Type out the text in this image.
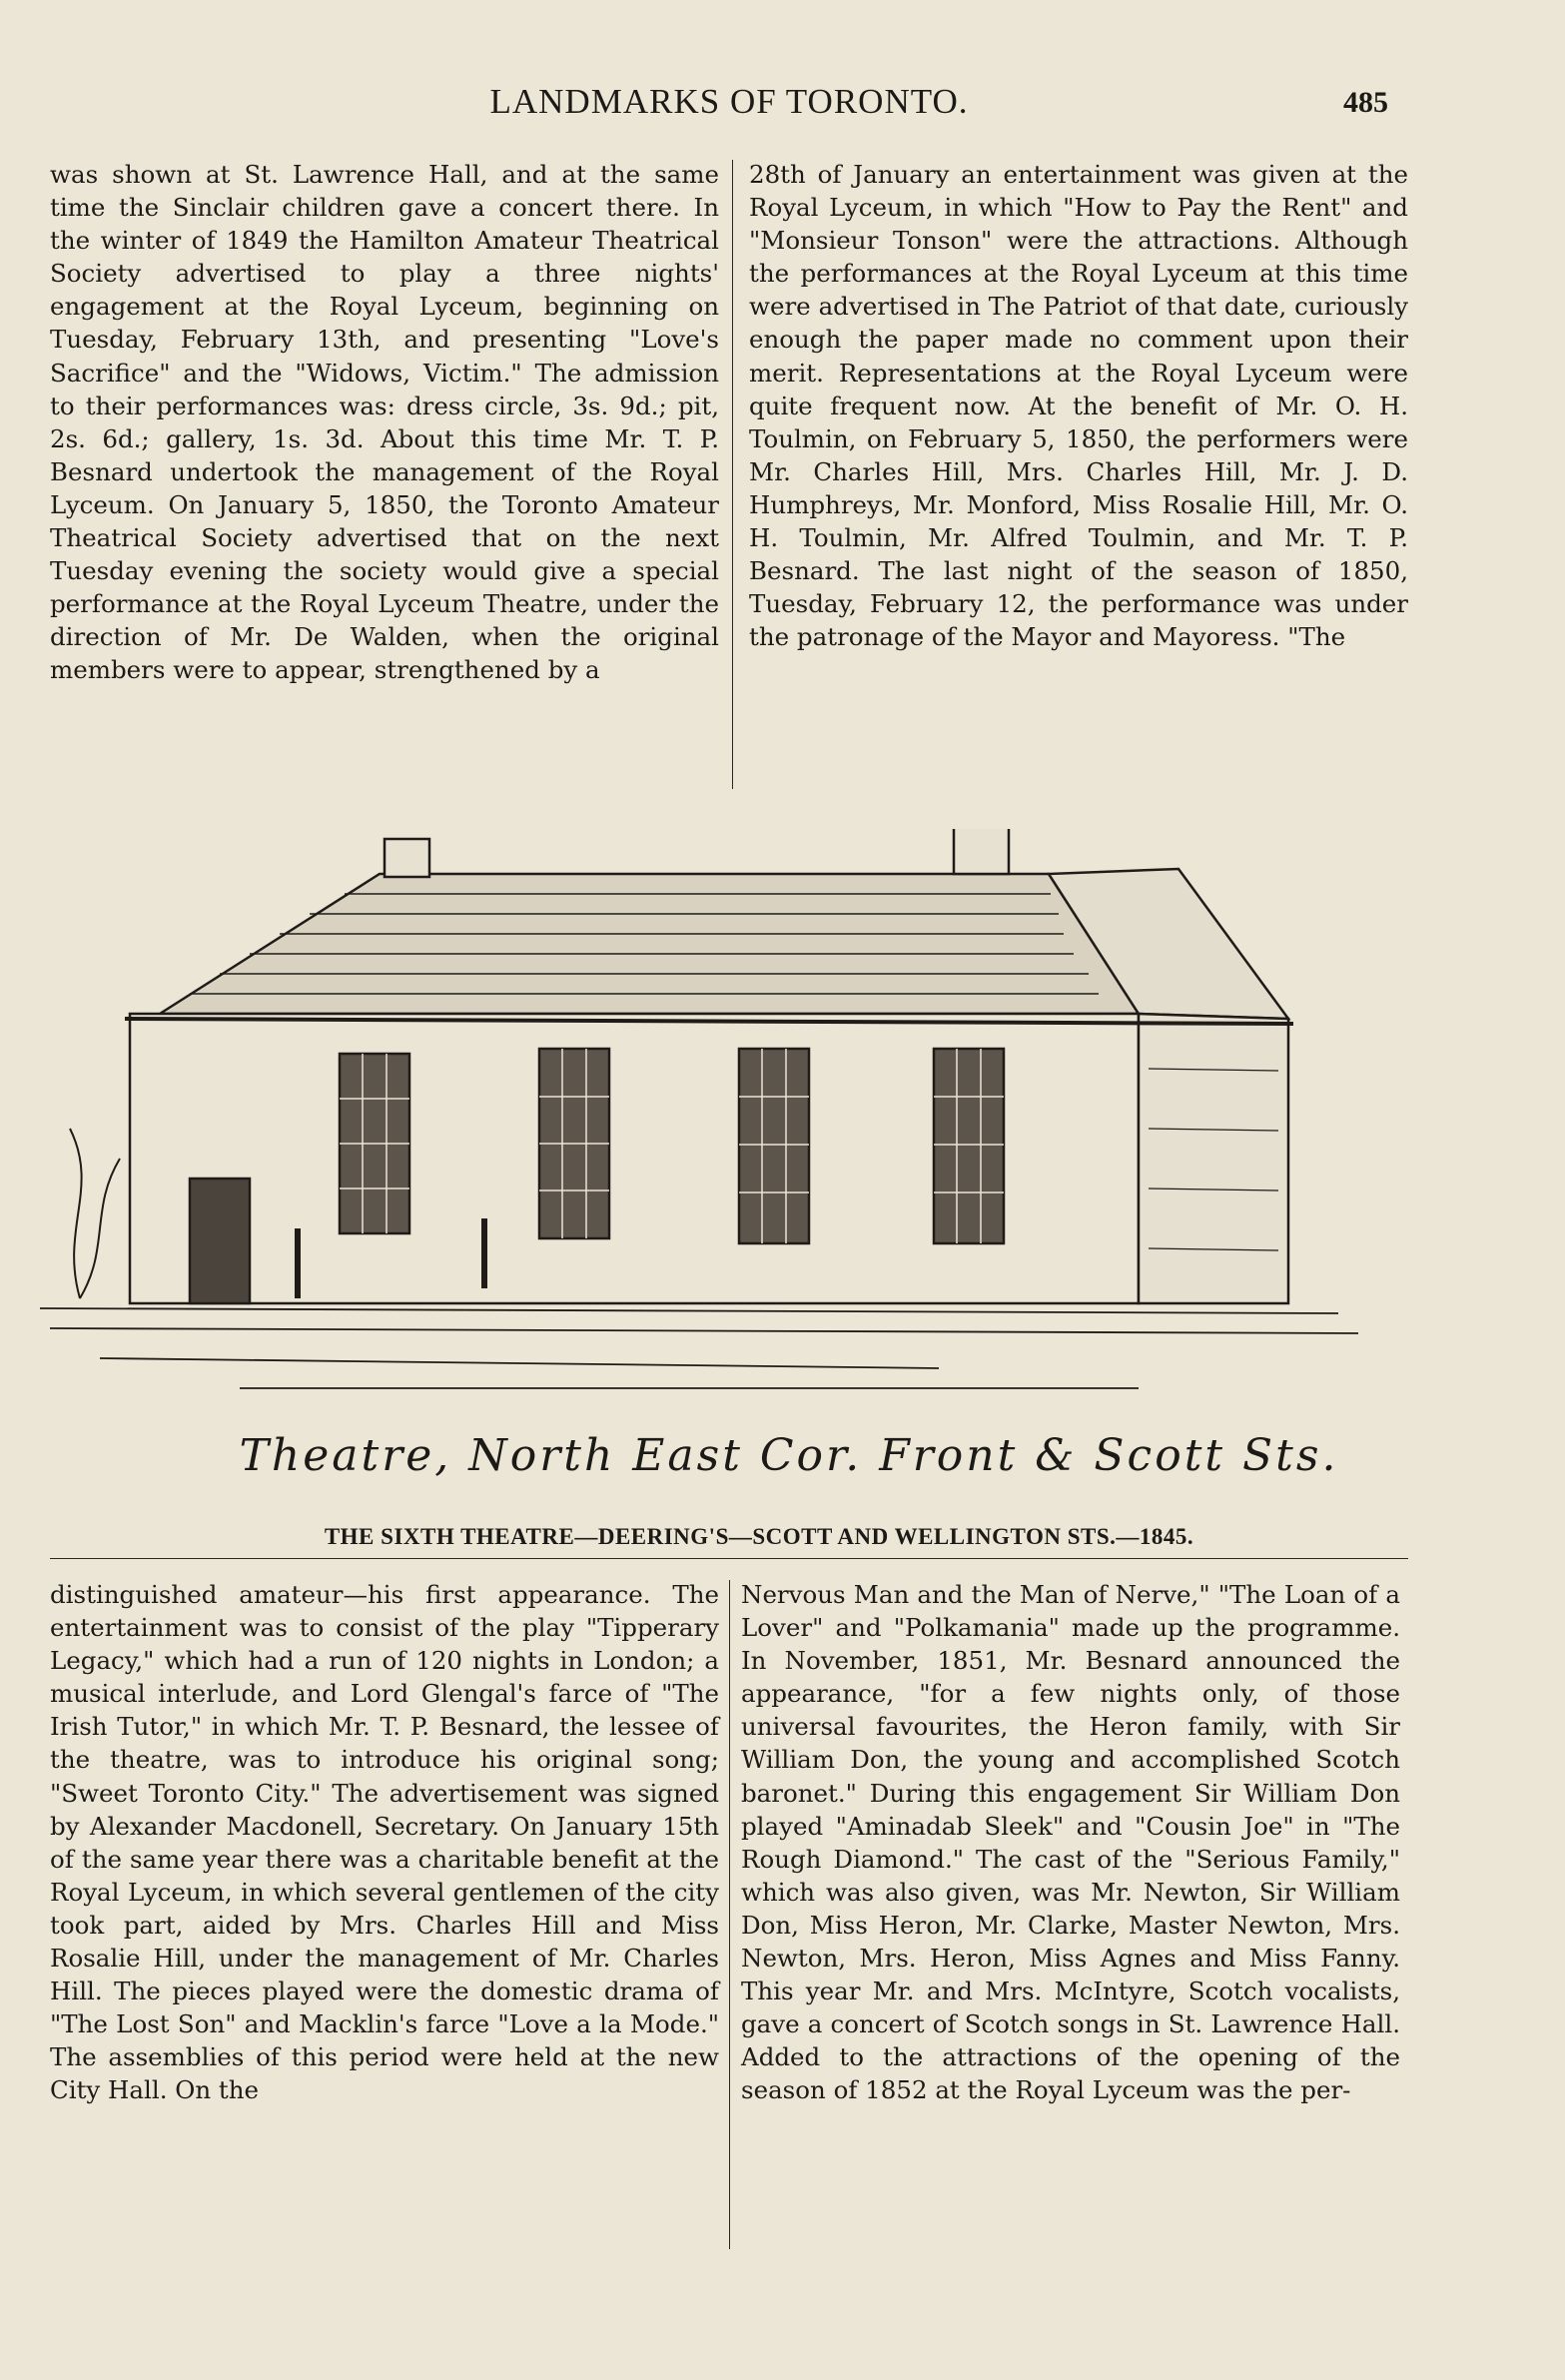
LANDMARKS OF TORONTO.	485
was shown at St. Lawrence Hall, and at the same time the Sinclair children gave a concert there. In the winter of 1849 the Hamilton Amateur Theatrical Society advertised to play a three nights' engagement at the Royal Lyceum, beginning on Tuesday, February 13th, and presenting "Love's Sacrifice" and the "Widows, Victim." The admission to their performances was: dress circle, 3s. 9d.; pit, 2s. 6d.; gallery, 1s. 3d. About this time Mr. T. P. Besnard undertook the management of the Royal Lyceum. On January 5, 1850, the Toronto Amateur Theatrical Society advertised that on the next Tuesday evening the society would give a special performance at the Royal Lyceum Theatre, under the direction of Mr. De Walden, when the original members were to appear, strengthened by a
28th of January an entertainment was given at the Royal Lyceum, in which "How to Pay the Rent" and "Monsieur Tonson" were the attractions. Although the performances at the Royal Lyceum at this time were advertised in The Patriot of that date, curiously enough the paper made no comment upon their merit. Representations at the Royal Lyceum were quite frequent now. At the benefit of Mr. O. H. Toulmin, on February 5, 1850, the performers were Mr. Charles Hill, Mrs. Charles Hill, Mr. J. D. Humphreys, Mr. Monford, Miss Rosalie Hill, Mr. O. H. Toulmin, Mr. Alfred Toulmin, and Mr. T. P. Besnard. The last night of the season of 1850, Tuesday, February 12, the performance was under the patronage of the Mayor and Mayoress. "The
Theatre, North East Cor. Front & Scott Sts.
THE SIXTH THEATRE—DEERING'S—SCOTT AND WELLINGTON STS.—1845.
distinguished amateur—his first appearance. The entertainment was to consist of the play "Tipperary Legacy," which had a run of 120 nights in London; a musical interlude, and Lord Glengal's farce of "The Irish Tutor," in which Mr. T. P. Besnard, the lessee of the theatre, was to introduce his original song; "Sweet Toronto City." The advertisement was signed by Alexander Macdonell, Secretary. On January 15th of the same year there was a charitable benefit at the Royal Lyceum, in which several gentlemen of the city took part, aided by Mrs. Charles Hill and Miss Rosalie Hill, under the management of Mr. Charles Hill. The pieces played were the domestic drama of "The Lost Son" and Macklin's farce "Love a la Mode." The assemblies of this period were held at the new City Hall. On the
Nervous Man and the Man of Nerve," "The Loan of a Lover" and "Polkamania" made up the programme. In November, 1851, Mr. Besnard announced the appearance, "for a few nights only, of those universal favourites, the Heron family, with Sir William Don, the young and accomplished Scotch baronet." During this engagement Sir William Don played "Aminadab Sleek" and "Cousin Joe" in "The Rough Diamond." The cast of the "Serious Family," which was also given, was Mr. Newton, Sir William Don, Miss Heron, Mr. Clarke, Master Newton, Mrs. Newton, Mrs. Heron, Miss Agnes and Miss Fanny. This year Mr. and Mrs. McIntyre, Scotch vocalists, gave a concert of Scotch songs in St. Lawrence Hall. Added to the attractions of the opening of the season of 1852 at the Royal Lyceum was the per-
